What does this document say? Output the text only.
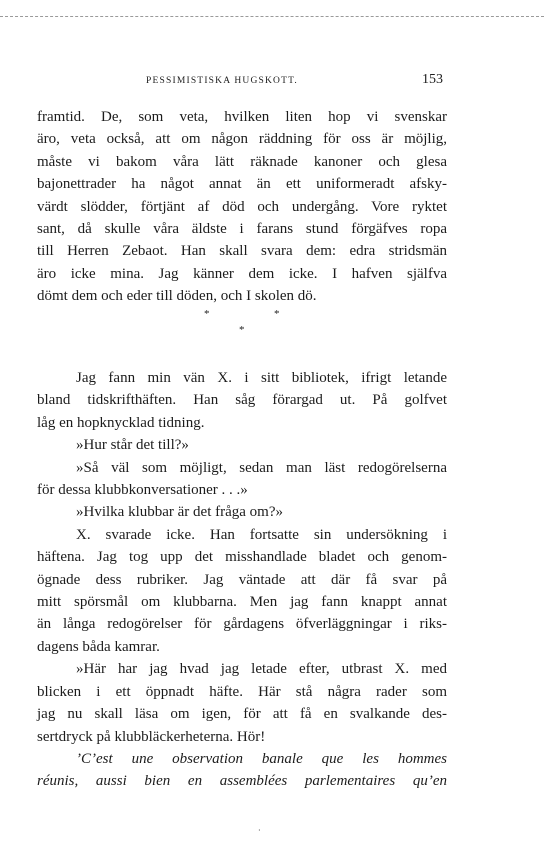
PESSIMISTISKA HUGSKOTT.	153
framtid. De, som veta, hvilken liten hop vi svenskar
äro, veta också, att om någon räddning för oss är möjlig,
måste vi bakom våra lätt räknade kanoner och glesa
bajonettrader ha något annat än ett uniformeradt afsky-
värdt slödder, förtjänt af död och undergång. Vore ryktet
sant, då skulle våra äldste i farans stund förgäfves ropa
till Herren Zebaot. Han skall svara dem: edra stridsmän
äro icke mina. Jag känner dem icke. I hafven själfva
dömt dem och eder till döden, och I skolen dö.
*	*
*
Jag fann min vän X. i sitt bibliotek, ifrigt letande
bland tidskrifthäften. Han såg förargad ut. På golfvet
låg en hopknycklad tidning.
»Hur står det till?»
»Så väl som möjligt, sedan man läst redogörelserna
för dessa klubbkonversationer . . .»
»Hvilka klubbar är det fråga om?»
X. svarade icke. Han fortsatte sin undersökning i
häftena. Jag tog upp det misshandlade bladet och genom-
ögnade dess rubriker. Jag väntade att där få svar på
mitt spörsmål om klubbarna. Men jag fann knappt annat
än långa redogörelser för gårdagens öfverläggningar i riks-
dagens båda kamrar.
»Här har jag hvad jag letade efter, utbrast X. med
blicken i ett öppnadt häfte. Här stå några rader som
jag nu skall läsa om igen, för att få en svalkande des-
sertdryck på klubbläckerheterna. Hör!
’C’est une observation banale que les hommes
réunis, aussi bien en assemblées parlementaires qu’en
·
